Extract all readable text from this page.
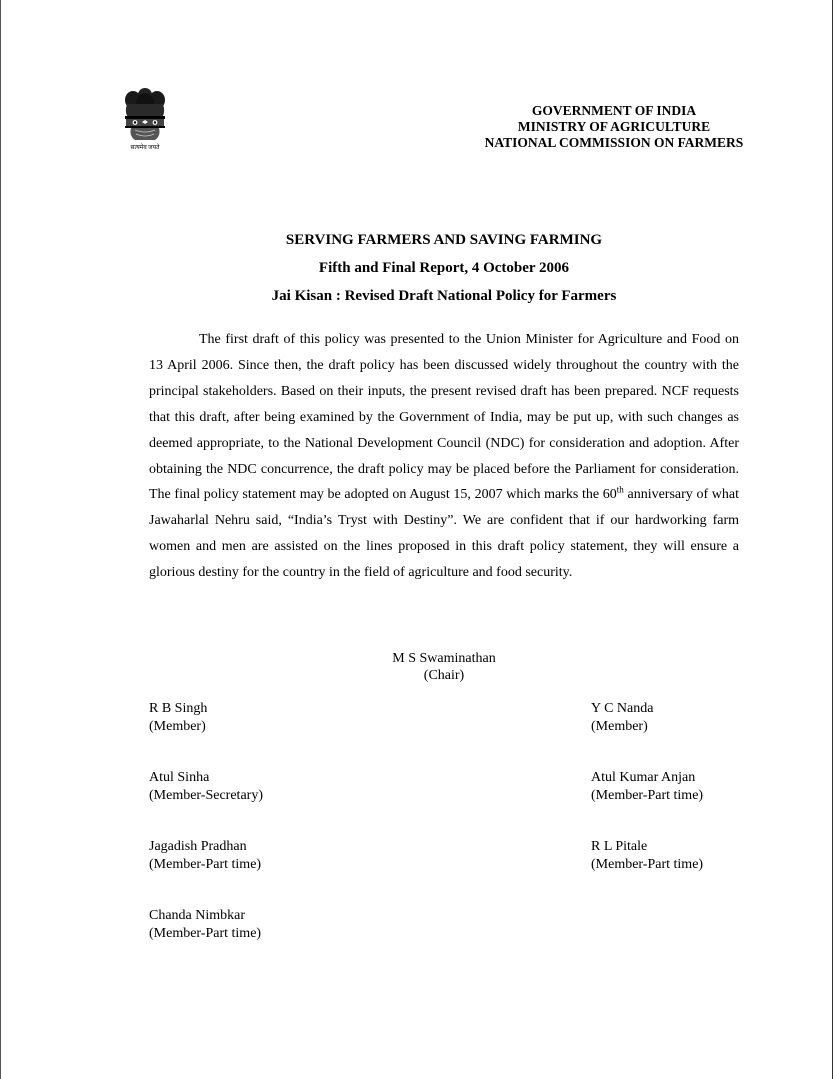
सत्यमेव जयते
GOVERNMENT OF INDIA
MINISTRY OF AGRICULTURE
NATIONAL COMMISSION ON FARMERS
SERVING FARMERS AND SAVING FARMING
Fifth and Final Report, 4 October 2006
Jai Kisan : Revised Draft National Policy for Farmers

The first draft of this policy was presented to the Union Minister for Agriculture and Food on 13 April 2006. Since then, the draft policy has been discussed widely throughout the country with the principal stakeholders. Based on their inputs, the present revised draft has been prepared. NCF requests that this draft, after being examined by the Government of India, may be put up, with such changes as deemed appropriate, to the National Development Council (NDC) for consideration and adoption. After obtaining the NDC concurrence, the draft policy may be placed before the Parliament for consideration. The final policy statement may be adopted on August 15, 2007 which marks the 60th anniversary of what Jawaharlal Nehru said, “India’s Tryst with Destiny”. We are confident that if our hardworking farm women and men are assisted on the lines proposed in this draft policy statement, they will ensure a glorious destiny for the country in the field of agriculture and food security.

M S Swaminathan
(Chair)
R B Singh
(Member)
Y C Nanda
(Member)
Atul Sinha
(Member-Secretary)
Atul Kumar Anjan
(Member-Part time)
Jagadish Pradhan
(Member-Part time)
R L Pitale
(Member-Part time)
Chanda Nimbkar
(Member-Part time)
